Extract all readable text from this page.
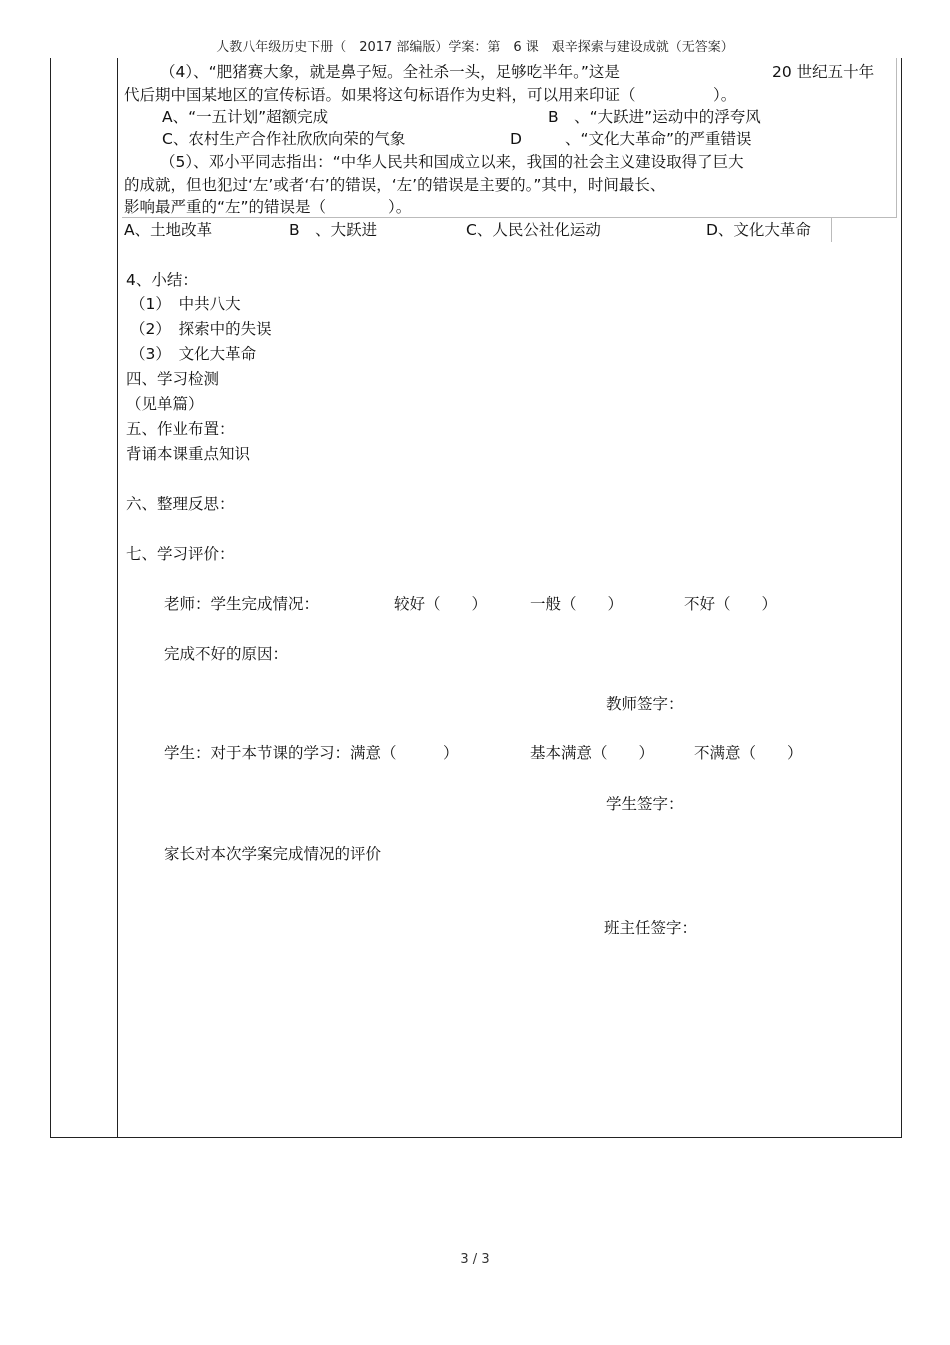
人教八年级历史下册（　2017 部编版）学案：第　6 课　艰辛探索与建设成就（无答案）
（4）、“肥猪赛大象，就是鼻子短。全社杀一头，足够吃半年。”这是	20 世纪五十年
代后期中国某地区的宣传标语。如果将这句标语作为史料，可以用来印证（　　　　　）。
A、“一五计划”超额完成	B　、“大跃进”运动中的浮夸风
C、农村生产合作社欣欣向荣的气象	D	、“文化大革命”的严重错误
（5）、邓小平同志指出：“中华人民共和国成立以来，我国的社会主义建设取得了巨大
的成就，但也犯过‘左’或者‘右’的错误，‘左’的错误是主要的。”其中，时间最长、
影响最严重的“左”的错误是（　　　　）。
A、土地改革	B　、大跃进	C、人民公社化运动	D、文化大革命
4、小结：
（1）　中共八大
（2）　探索中的失误
（3）　文化大革命
四、学习检测
（见单篇）
五、作业布置：
背诵本课重点知识
六、整理反思：
七、学习评价：
老师：学生完成情况：	较好（　　）	一般（　　）	不好（　　）
完成不好的原因：
教师签字：
学生：对于本节课的学习：满意（　　　）	基本满意（　　）	不满意（　　）
学生签字：
家长对本次学案完成情况的评价
班主任签字：
3 / 3
